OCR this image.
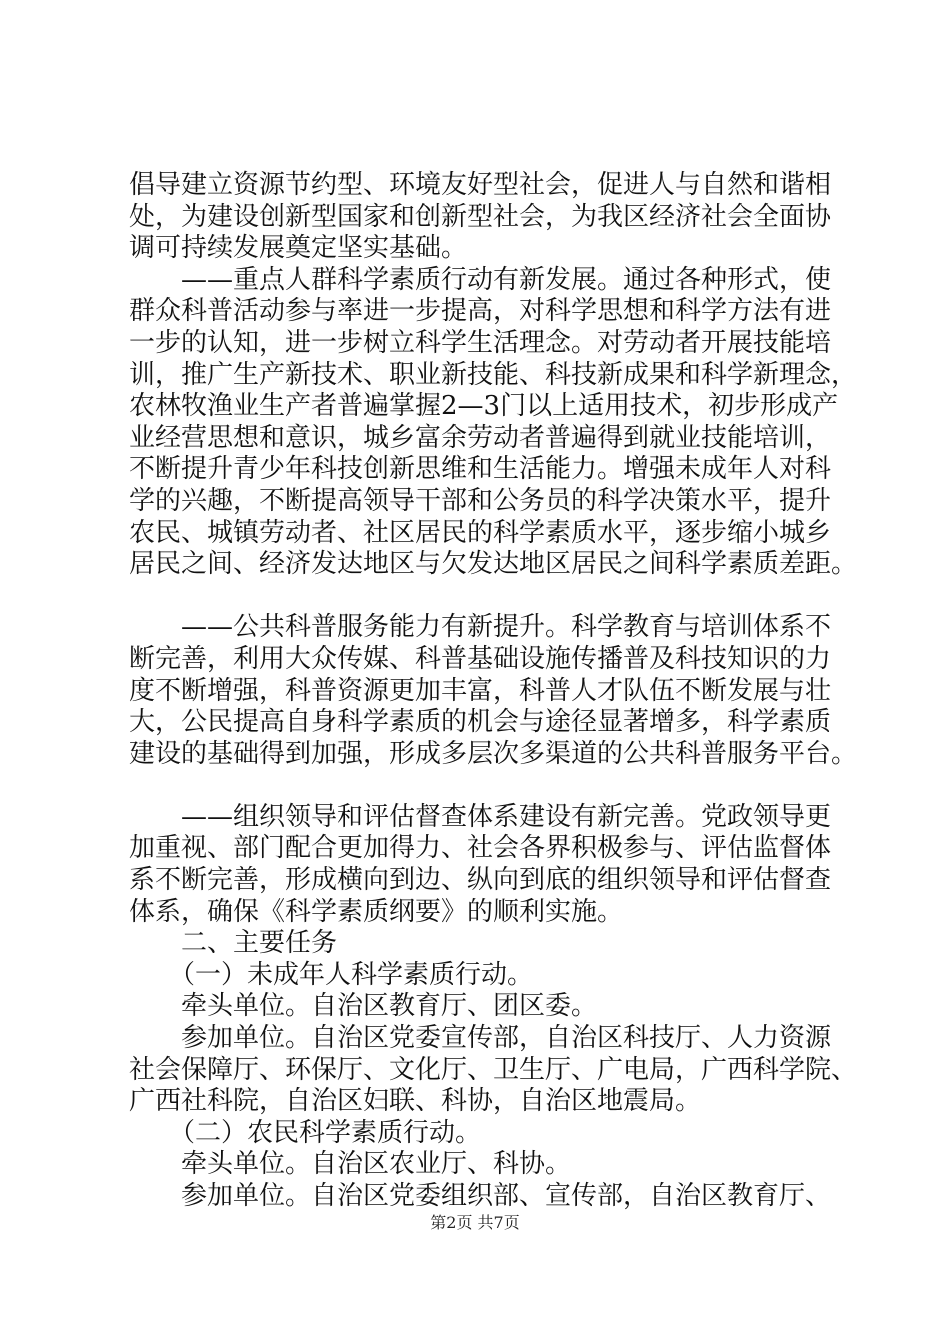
倡导建立资源节约型、环境友好型社会，促进人与自然和谐相
处，为建设创新型国家和创新型社会，为我区经济社会全面协
调可持续发展奠定坚实基础。
——重点人群科学素质行动有新发展。通过各种形式，使
群众科普活动参与率进一步提高，对科学思想和科学方法有进
一步的认知，进一步树立科学生活理念。对劳动者开展技能培
训，推广生产新技术、职业新技能、科技新成果和科学新理念，
农林牧渔业生产者普遍掌握2—3门以上适用技术，初步形成产
业经营思想和意识，城乡富余劳动者普遍得到就业技能培训，
不断提升青少年科技创新思维和生活能力。增强未成年人对科
学的兴趣，不断提高领导干部和公务员的科学决策水平，提升
农民、城镇劳动者、社区居民的科学素质水平，逐步缩小城乡
居民之间、经济发达地区与欠发达地区居民之间科学素质差距。
——公共科普服务能力有新提升。科学教育与培训体系不
断完善，利用大众传媒、科普基础设施传播普及科技知识的力
度不断增强，科普资源更加丰富，科普人才队伍不断发展与壮
大，公民提高自身科学素质的机会与途径显著增多，科学素质
建设的基础得到加强，形成多层次多渠道的公共科普服务平台。
——组织领导和评估督查体系建设有新完善。党政领导更
加重视、部门配合更加得力、社会各界积极参与、评估监督体
系不断完善，形成横向到边、纵向到底的组织领导和评估督查
体系，确保《科学素质纲要》的顺利实施。
二、主要任务
（一）未成年人科学素质行动。
牵头单位。自治区教育厅、团区委。
参加单位。自治区党委宣传部，自治区科技厅、人力资源
社会保障厅、环保厅、文化厅、卫生厅、广电局，广西科学院、
广西社科院，自治区妇联、科协，自治区地震局。
（二）农民科学素质行动。
牵头单位。自治区农业厅、科协。
参加单位。自治区党委组织部、宣传部，自治区教育厅、
第2页 共7页
